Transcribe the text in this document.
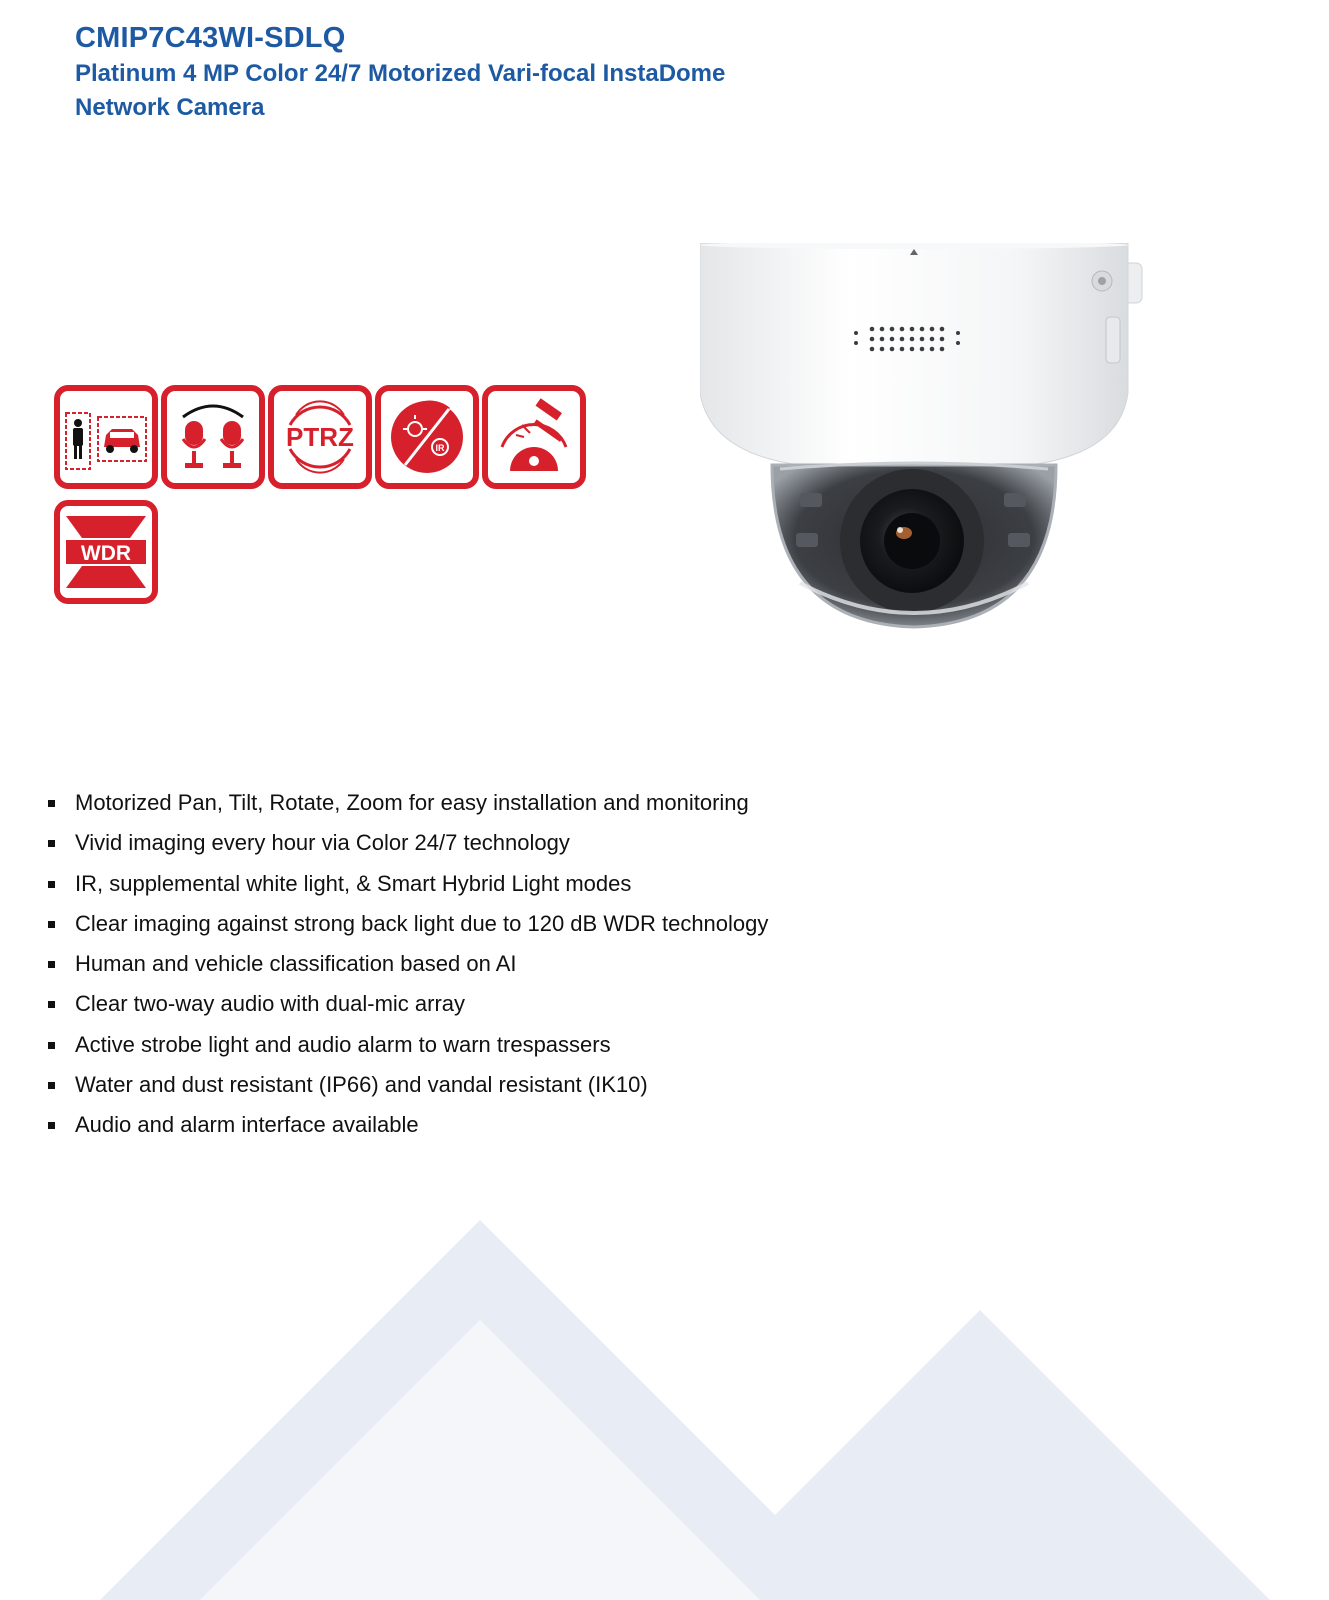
CMIP7C43WI-SDLQ
Platinum 4 MP Color 24/7 Motorized Vari-focal InstaDome
Network Camera
PTRZ	IR
WDR
Motorized Pan, Tilt, Rotate, Zoom for easy installation and monitoring
Vivid imaging every hour via Color 24/7 technology
IR, supplemental white light, & Smart Hybrid Light modes
Clear imaging against strong back light due to 120 dB WDR technology
Human and vehicle classification based on AI
Clear two-way audio with dual-mic array
Active strobe light and audio alarm to warn trespassers
Water and dust resistant (IP66) and vandal resistant (IK10)
Audio and alarm interface available
